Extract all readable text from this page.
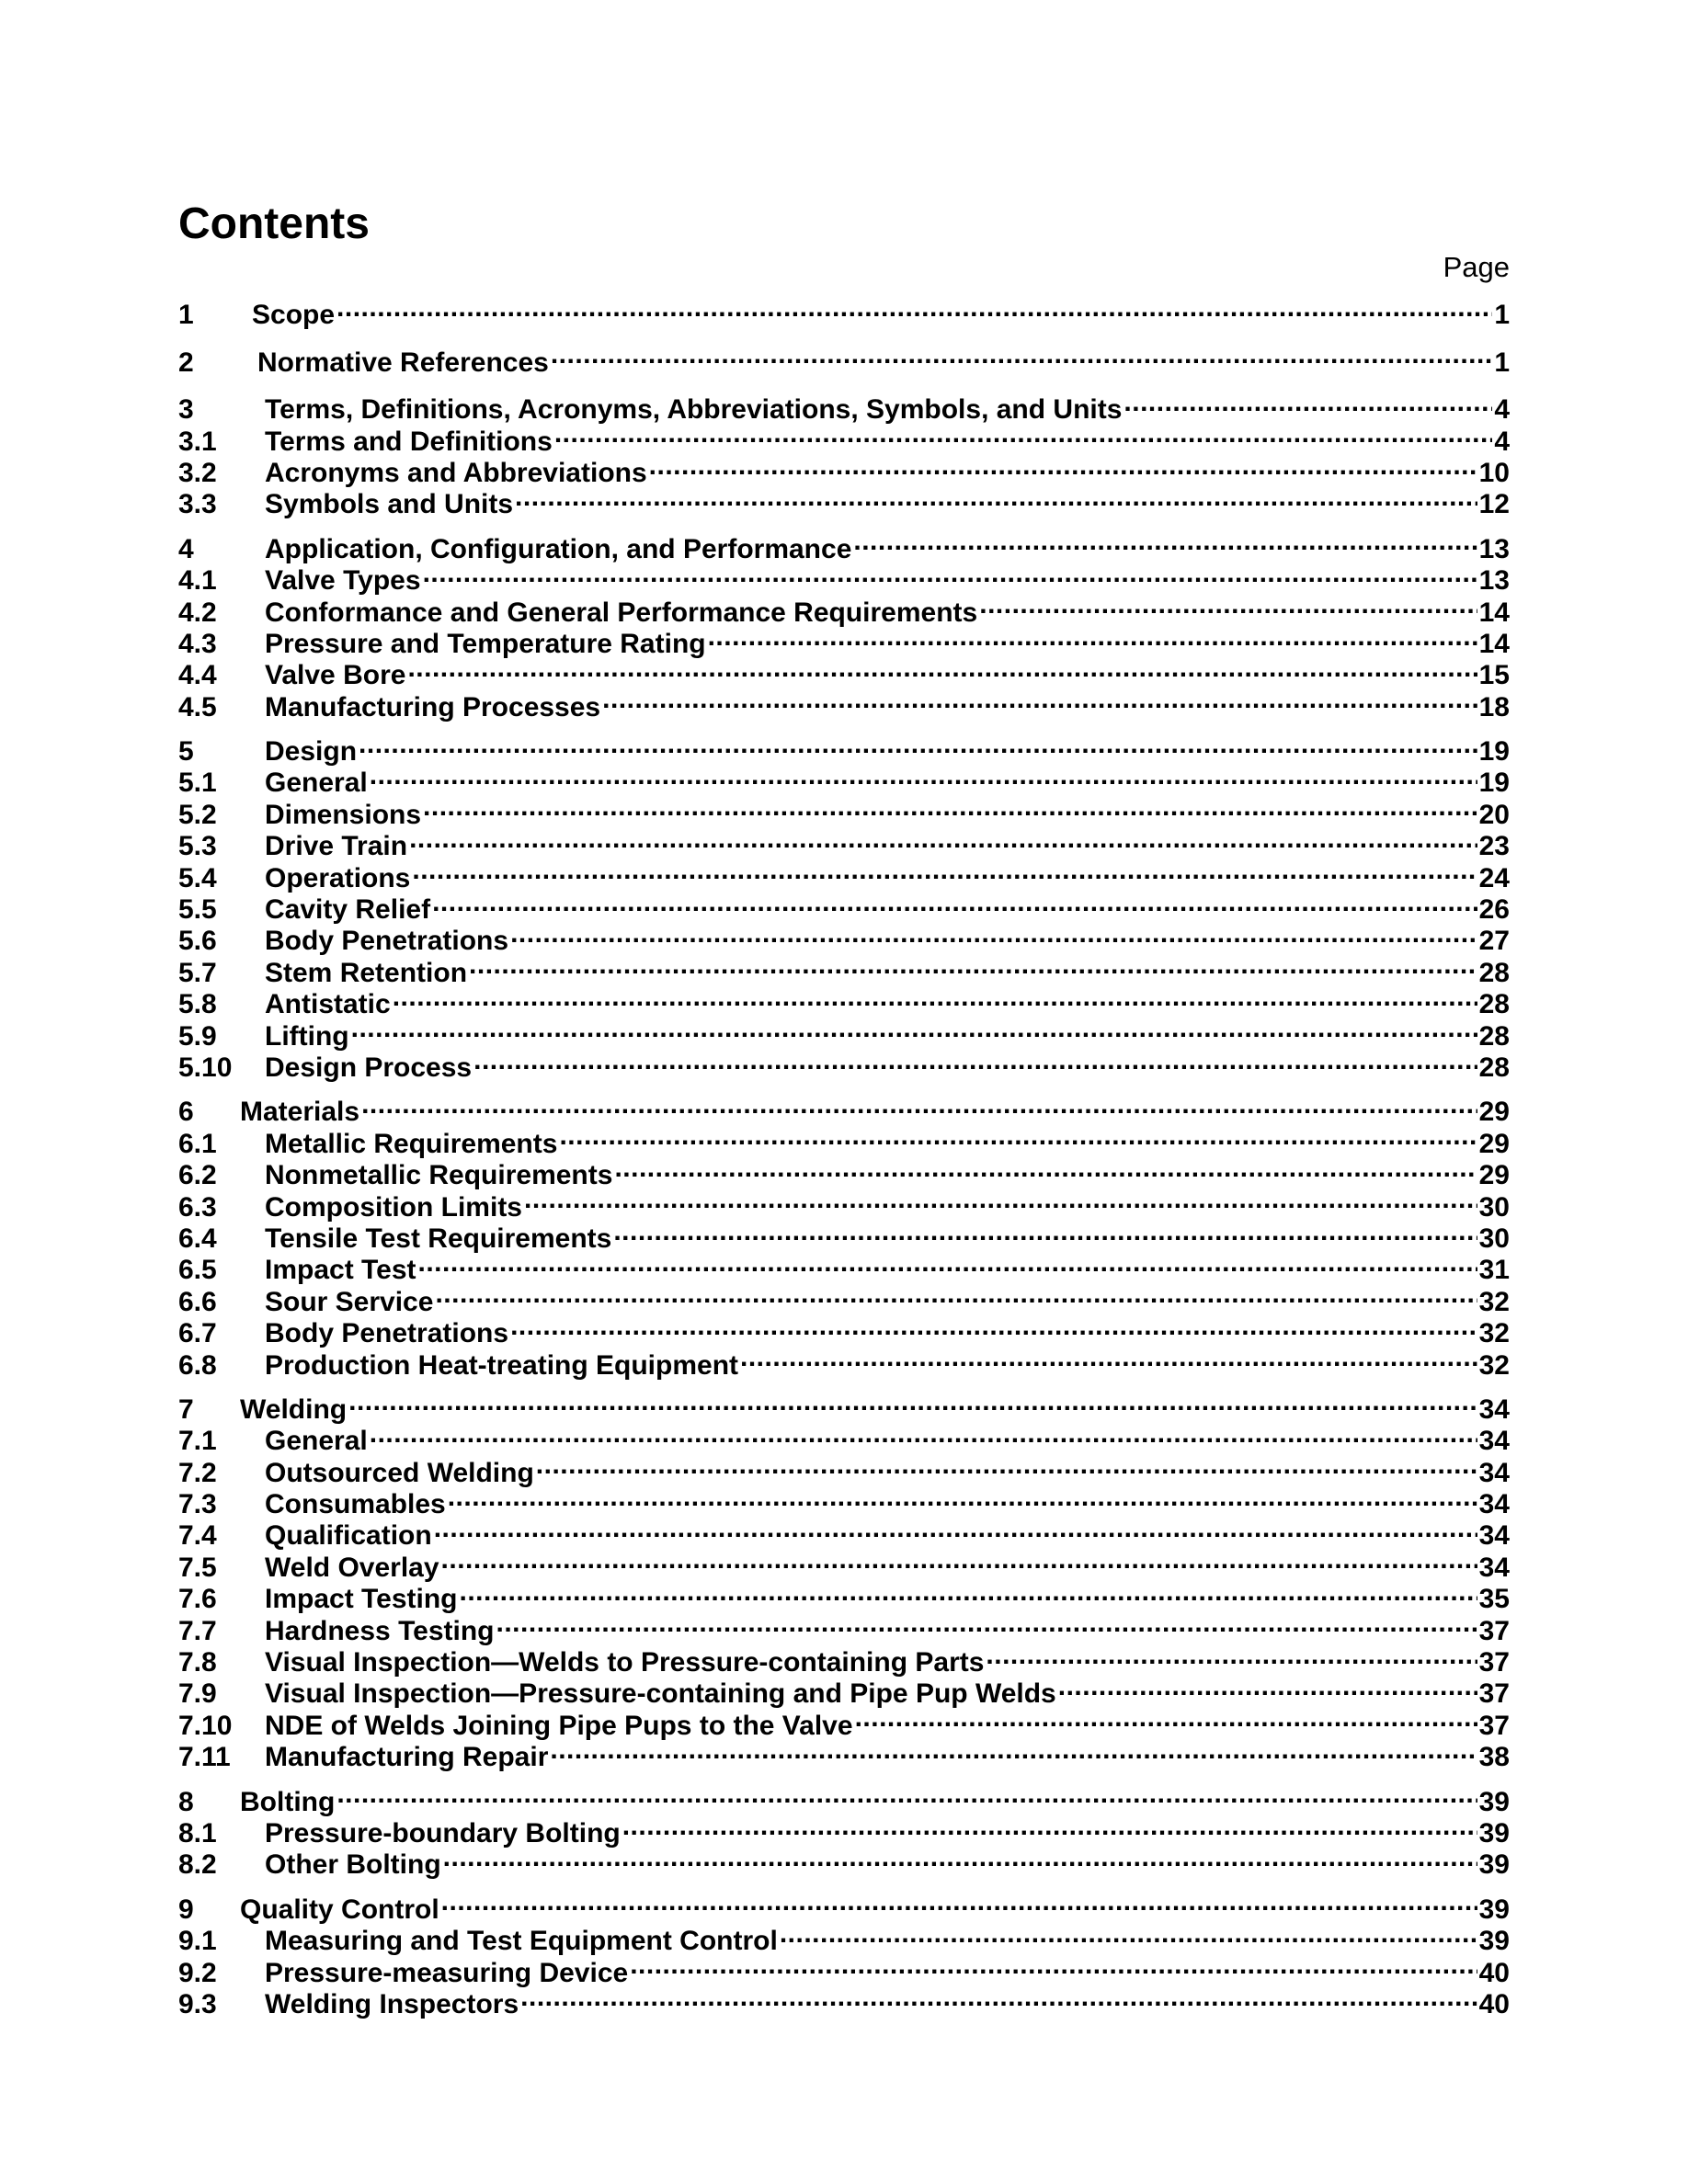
Contents
Page
1	Scope .....	1
2	Normative References .....	1
3	Terms, Definitions, Acronyms, Abbreviations, Symbols, and Units .....	4
3.1	Terms and Definitions .....	4
3.2	Acronyms and Abbreviations .....	10
3.3	Symbols and Units .....	12
4	Application, Configuration, and Performance .....	13
4.1	Valve Types .....	13
4.2	Conformance and General Performance Requirements .....	14
4.3	Pressure and Temperature Rating .....	14
4.4	Valve Bore .....	15
4.5	Manufacturing Processes .....	18
5	Design .....	19
5.1	General .....	19
5.2	Dimensions .....	20
5.3	Drive Train .....	23
5.4	Operations .....	24
5.5	Cavity Relief .....	26
5.6	Body Penetrations .....	27
5.7	Stem Retention .....	28
5.8	Antistatic .....	28
5.9	Lifting .....	28
5.10	Design Process .....	28
6	Materials .....	29
6.1	Metallic Requirements .....	29
6.2	Nonmetallic Requirements .....	29
6.3	Composition Limits .....	30
6.4	Tensile Test Requirements .....	30
6.5	Impact Test .....	31
6.6	Sour Service .....	32
6.7	Body Penetrations .....	32
6.8	Production Heat-treating Equipment .....	32
7	Welding .....	34
7.1	General .....	34
7.2	Outsourced Welding .....	34
7.3	Consumables .....	34
7.4	Qualification .....	34
7.5	Weld Overlay .....	34
7.6	Impact Testing .....	35
7.7	Hardness Testing .....	37
7.8	Visual Inspection—Welds to Pressure-containing Parts .....	37
7.9	Visual Inspection—Pressure-containing and Pipe Pup Welds .....	37
7.10	NDE of Welds Joining Pipe Pups to the Valve .....	37
7.11	Manufacturing Repair .....	38
8	Bolting .....	39
8.1	Pressure-boundary Bolting .....	39
8.2	Other Bolting .....	39
9	Quality Control .....	39
9.1	Measuring and Test Equipment Control .....	39
9.2	Pressure-measuring Device .....	40
9.3	Welding Inspectors .....	40
